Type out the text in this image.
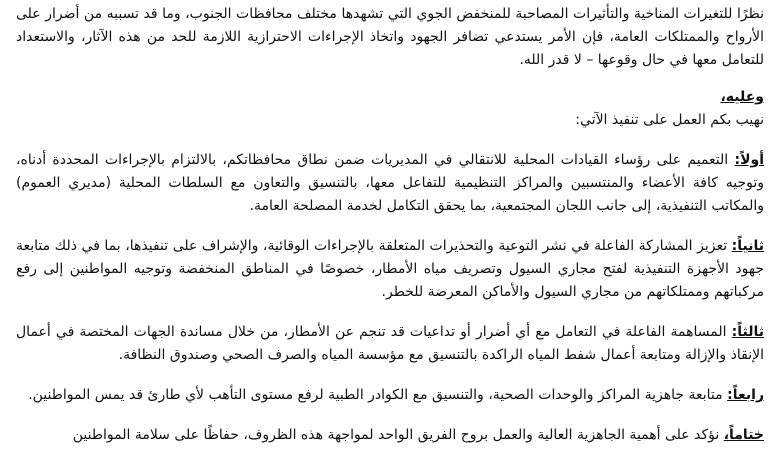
نظرًا للتغيرات المناخية والتأثيرات المصاحبة للمنخفض الجوي التي تشهدها مختلف محافظات الجنوب، وما قد تسببه من أضرار على الأرواح والممتلكات العامة، فإن الأمر يستدعي تضافر الجهود واتخاذ الإجراءات الاحترازية اللازمة للحد من هذه الآثار، والاستعداد للتعامل معها في حال وقوعها – لا قدر الله.

وعليه،
نهيب بكم العمل على تنفيذ الآتي:

أولاً: التعميم على رؤساء القيادات المحلية للانتقالي في المديريات ضمن نطاق محافظاتكم، بالالتزام بالإجراءات المحددة أدناه، وتوجيه كافة الأعضاء والمنتسبين والمراكز التنظيمية للتفاعل معها، بالتنسيق والتعاون مع السلطات المحلية (مديري العموم) والمكاتب التنفيذية، إلى جانب اللجان المجتمعية، بما يحقق التكامل لخدمة المصلحة العامة.

ثانياً: تعزيز المشاركة الفاعلة في نشر التوعية والتحذيرات المتعلقة بالإجراءات الوقائية، والإشراف على تنفيذها، بما في ذلك متابعة جهود الأجهزة التنفيذية لفتح مجاري السيول وتصريف مياه الأمطار، خصوصًا في المناطق المنخفضة وتوجيه المواطنين إلى رفع مركباتهم وممتلكاتهم من مجاري السيول والأماكن المعرضة للخطر.

ثالثاً: المساهمة الفاعلة في التعامل مع أي أضرار أو تداعيات قد تنجم عن الأمطار، من خلال مساندة الجهات المختصة في أعمال الإنقاذ والإزالة ومتابعة أعمال شفط المياه الراكدة بالتنسيق مع مؤسسة المياه والصرف الصحي وصندوق النظافة.

رابعاً: متابعة جاهزية المراكز والوحدات الصحية، والتنسيق مع الكوادر الطبية لرفع مستوى التأهب لأي طارئ قد يمس المواطنين.

ختاماً، نؤكد على أهمية الجاهزية العالية والعمل بروح الفريق الواحد لمواجهة هذه الظروف، حفاظًا على سلامة المواطنين
